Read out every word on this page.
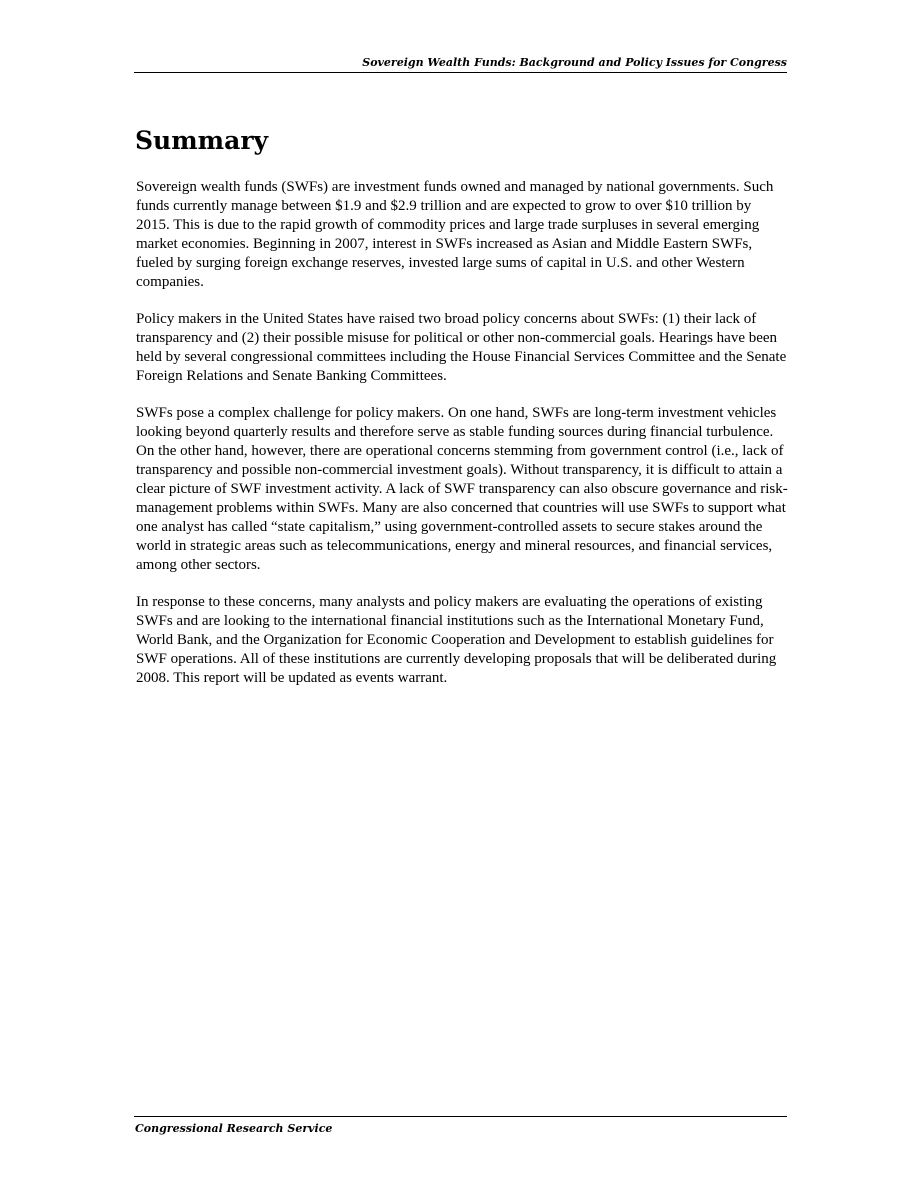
Sovereign Wealth Funds: Background and Policy Issues for Congress
Summary

Sovereign wealth funds (SWFs) are investment funds owned and managed by national governments. Such funds currently manage between $1.9 and $2.9 trillion and are expected to grow to over $10 trillion by 2015. This is due to the rapid growth of commodity prices and large trade surpluses in several emerging market economies. Beginning in 2007, interest in SWFs increased as Asian and Middle Eastern SWFs, fueled by surging foreign exchange reserves, invested large sums of capital in U.S. and other Western companies.

Policy makers in the United States have raised two broad policy concerns about SWFs: (1) their lack of transparency and (2) their possible misuse for political or other non-commercial goals. Hearings have been held by several congressional committees including the House Financial Services Committee and the Senate Foreign Relations and Senate Banking Committees.

SWFs pose a complex challenge for policy makers. On one hand, SWFs are long-term investment vehicles looking beyond quarterly results and therefore serve as stable funding sources during financial turbulence. On the other hand, however, there are operational concerns stemming from government control (i.e., lack of transparency and possible non-commercial investment goals). Without transparency, it is difficult to attain a clear picture of SWF investment activity. A lack of SWF transparency can also obscure governance and risk-management problems within SWFs. Many are also concerned that countries will use SWFs to support what one analyst has called “state capitalism,” using government-controlled assets to secure stakes around the world in strategic areas such as telecommunications, energy and mineral resources, and financial services, among other sectors.

In response to these concerns, many analysts and policy makers are evaluating the operations of existing SWFs and are looking to the international financial institutions such as the International Monetary Fund, World Bank, and the Organization for Economic Cooperation and Development to establish guidelines for SWF operations. All of these institutions are currently developing proposals that will be deliberated during 2008. This report will be updated as events warrant.

Congressional Research Service
